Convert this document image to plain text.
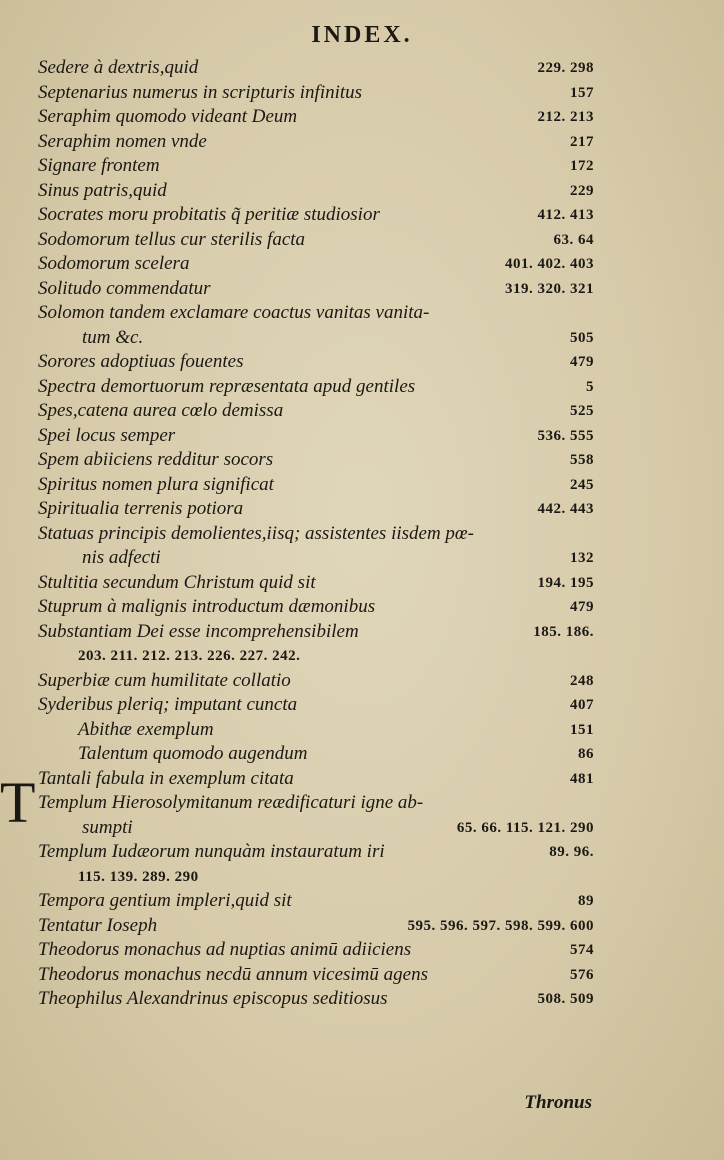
INDEX.
T
Sedere à dextris,quid	229. 298
Septenarius numerus in scripturis infinitus	157
Seraphim quomodo videant Deum	212. 213
Seraphim nomen vnde	217
Signare frontem	172
Sinus patris,quid	229
Socrates moru probitatis q̃ peritiæ studiosior	412. 413
Sodomorum tellus cur sterilis facta	63. 64
Sodomorum scelera	401. 402. 403
Solitudo commendatur	319. 320. 321
Solomon tandem exclamare coactus vanitas vanita-
tum &c.	505
Sorores adoptiuas fouentes	479
Spectra demortuorum repræsentata apud gentiles	5
Spes,catena aurea cœlo demissa	525
Spei locus semper	536. 555
Spem abiiciens redditur socors	558
Spiritus nomen plura significat	245
Spiritualia terrenis potiora	442. 443
Statuas principis demolientes,iisq; assistentes iisdem pœ-
nis adfecti	132
Stultitia secundum Christum quid sit	194. 195
Stuprum à malignis introductum dæmonibus	479
Substantiam Dei esse incomprehensibilem	185. 186.
203. 211. 212. 213. 226. 227. 242.
Superbiæ cum humilitate collatio	248
Syderibus pleriq; imputant cuncta	407
Abithæ exemplum	151
Talentum quomodo augendum	86
Tantali fabula in exemplum citata	481
Templum Hierosolymitanum reædificaturi igne ab-
sumpti	65. 66. 115. 121. 290
Templum Iudæorum nunquàm instauratum iri	89. 96.
115. 139. 289. 290
Tempora gentium impleri,quid sit	89
Tentatur Ioseph	595. 596. 597. 598. 599. 600
Theodorus monachus ad nuptias animū adiiciens	574
Theodorus monachus necdū annum vicesimū agens	576
Theophilus Alexandrinus episcopus seditiosus	508. 509
Thronus
